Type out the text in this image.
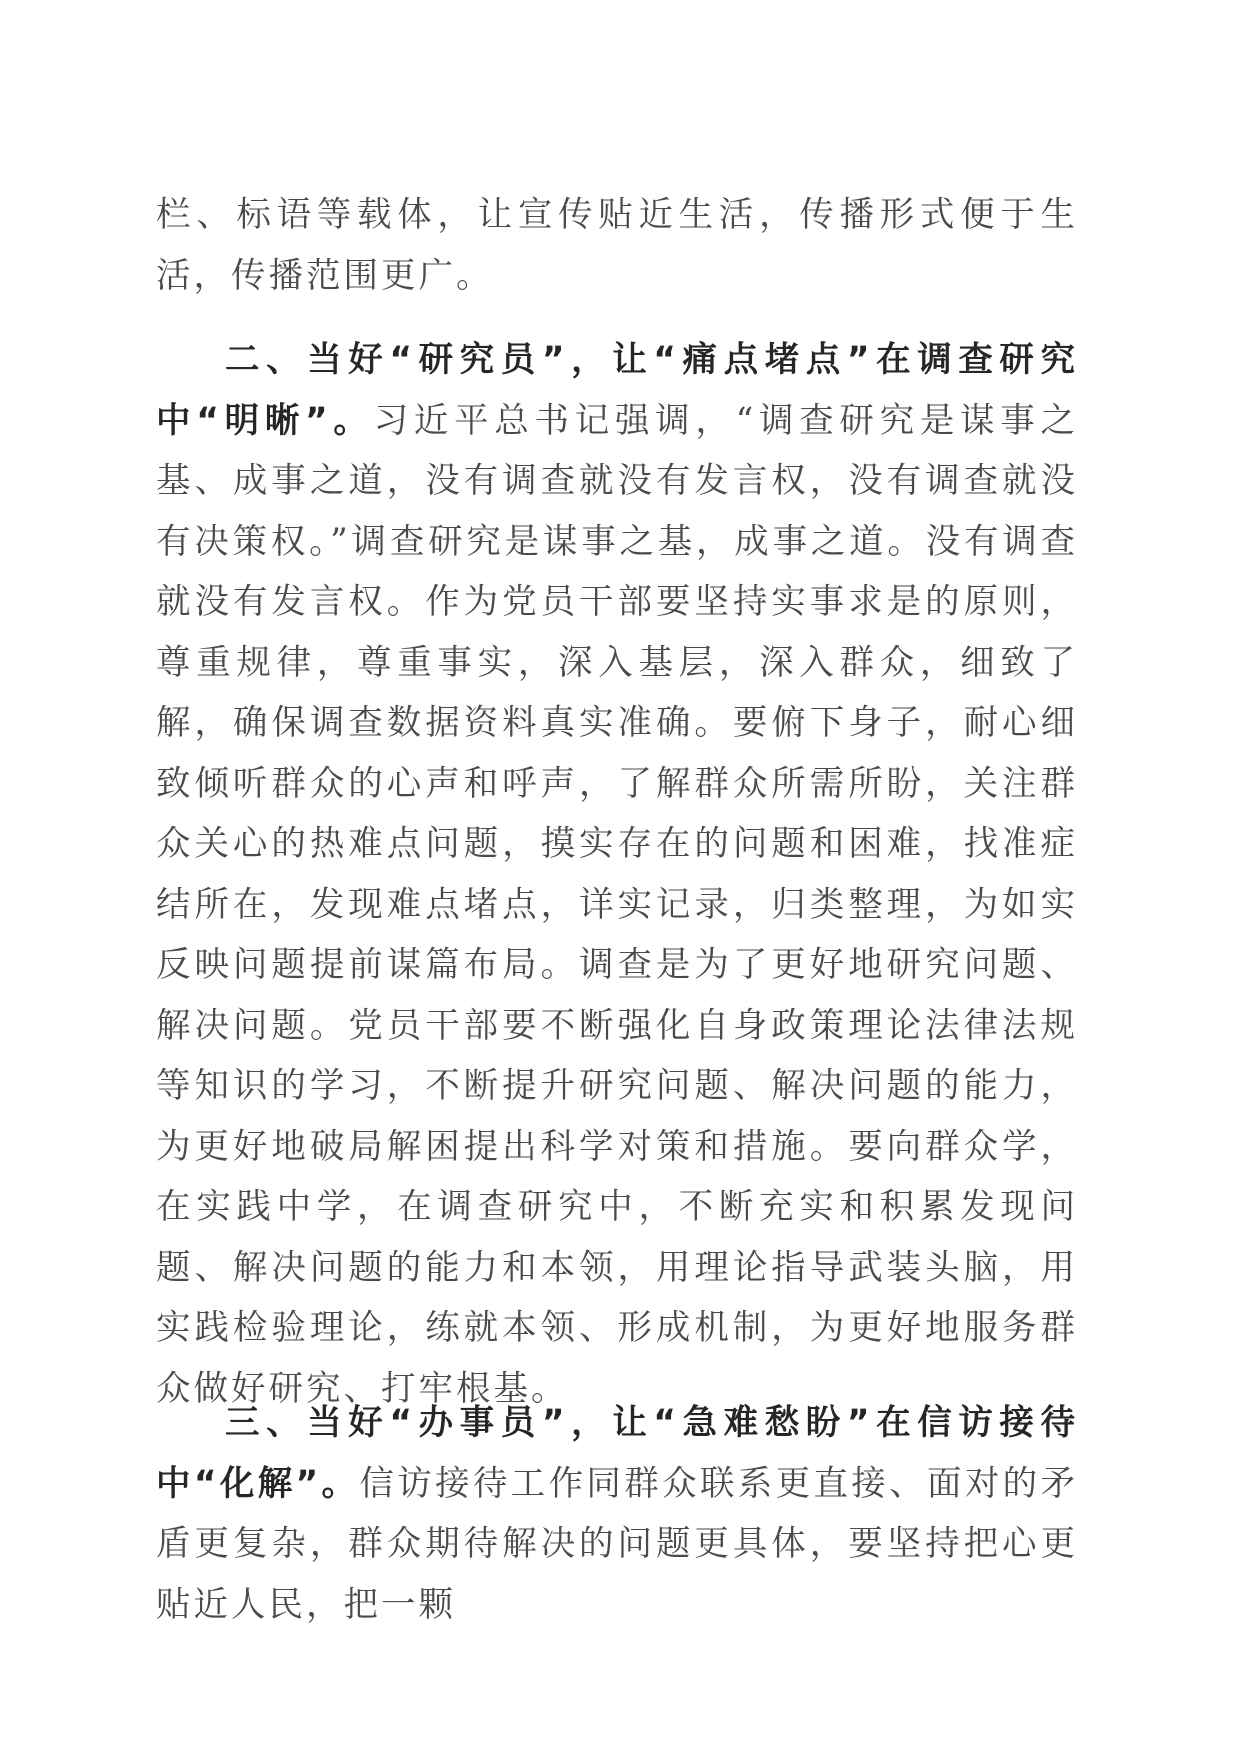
栏、标语等载体，让宣传贴近生活，传播形式便于生活，传播范围更广。

二、当好“研究员”，让“痛点堵点”在调查研究中“明晰”。习近平总书记强调，“调查研究是谋事之基、成事之道，没有调查就没有发言权，没有调查就没有决策权。”调查研究是谋事之基，成事之道。没有调查就没有发言权。作为党员干部要坚持实事求是的原则，尊重规律，尊重事实，深入基层，深入群众，细致了解，确保调查数据资料真实准确。要俯下身子，耐心细致倾听群众的心声和呼声，了解群众所需所盼，关注群众关心的热难点问题，摸实存在的问题和困难，找准症结所在，发现难点堵点，详实记录，归类整理，为如实反映问题提前谋篇布局。调查是为了更好地研究问题、解决问题。党员干部要不断强化自身政策理论法律法规等知识的学习，不断提升研究问题、解决问题的能力，为更好地破局解困提出科学对策和措施。要向群众学，在实践中学，在调查研究中，不断充实和积累发现问题、解决问题的能力和本领，用理论指导武装头脑，用实践检验理论，练就本领、形成机制，为更好地服务群众做好研究、打牢根基。

三、当好“办事员”，让“急难愁盼”在信访接待中“化解”。信访接待工作同群众联系更直接、面对的矛盾更复杂，群众期待解决的问题更具体，要坚持把心更贴近人民，把一颗
